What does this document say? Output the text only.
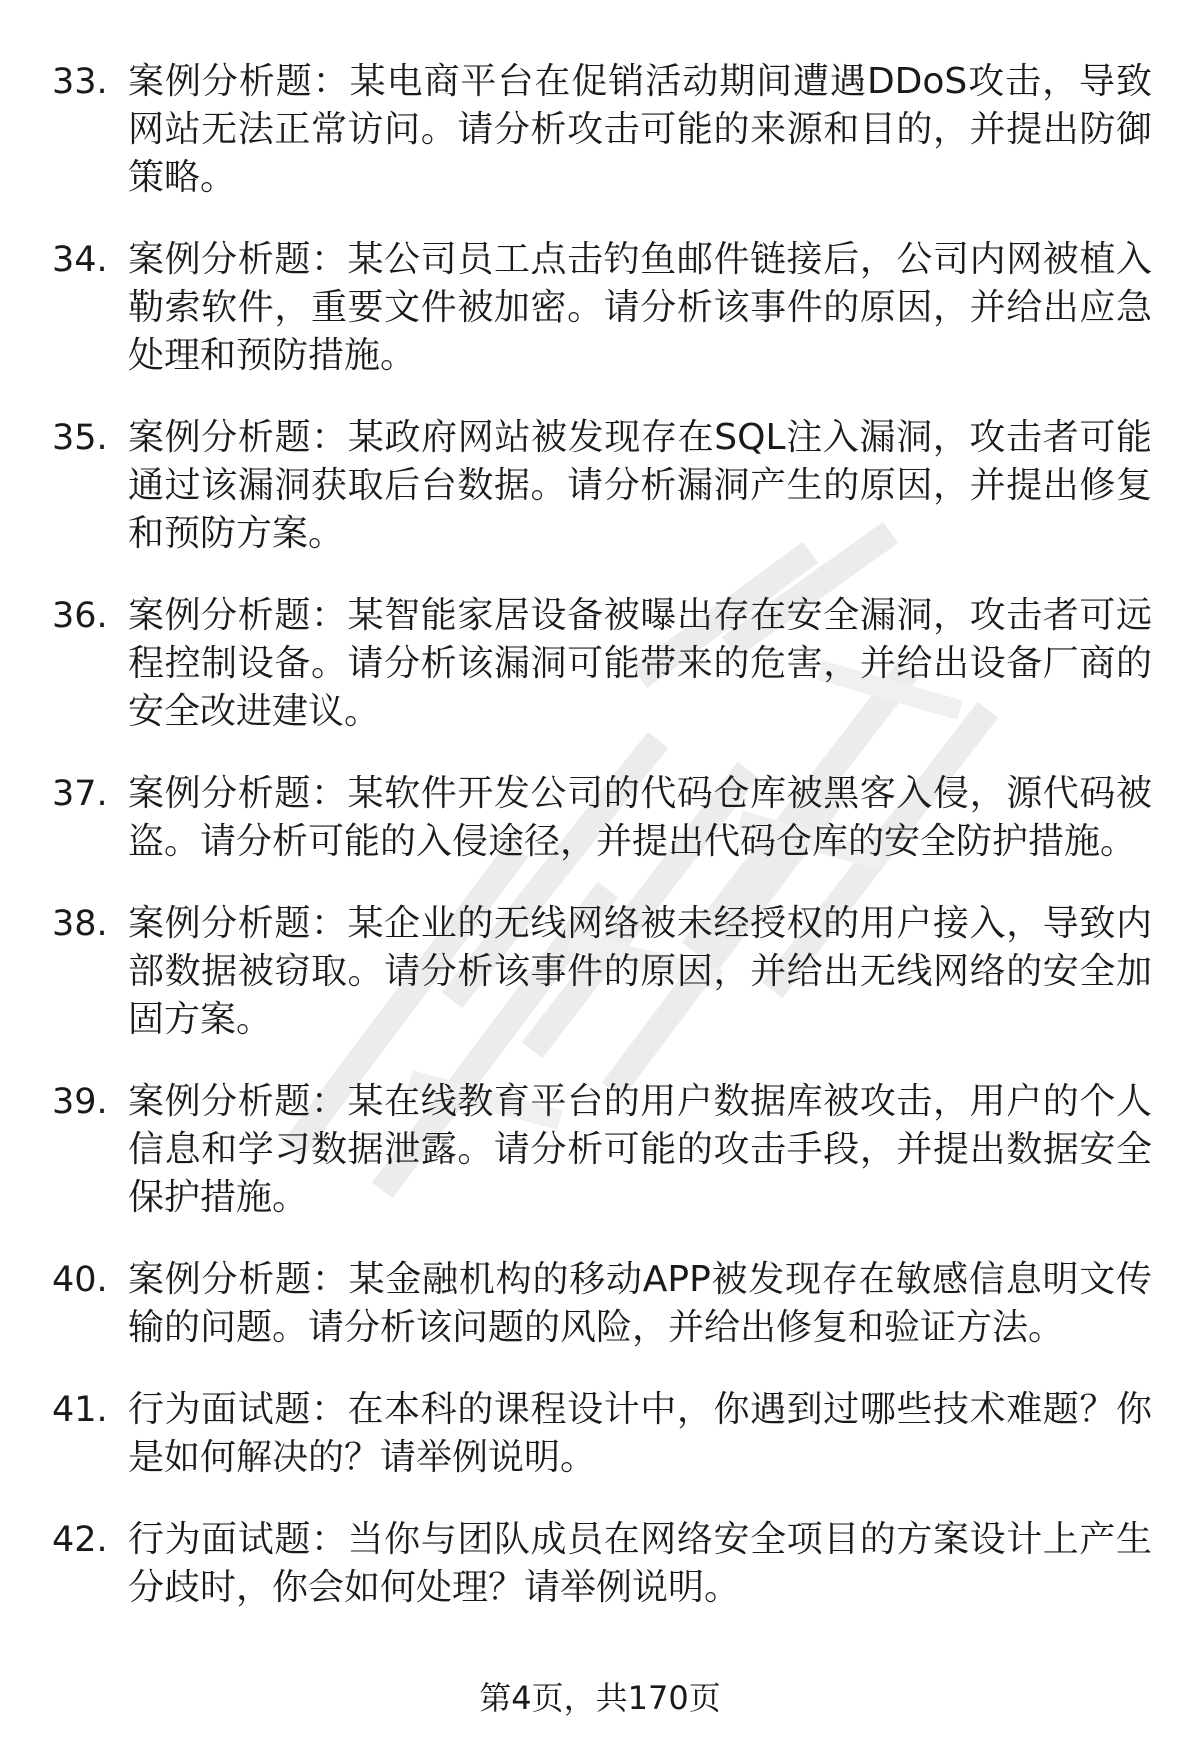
33. 案例分析题：某电商平台在促销活动期间遭遇DDoS攻击，导致网站无法正常访问。请分析攻击可能的来源和目的，并提出防御策略。
34. 案例分析题：某公司员工点击钓鱼邮件链接后，公司内网被植入勒索软件，重要文件被加密。请分析该事件的原因，并给出应急处理和预防措施。
35. 案例分析题：某政府网站被发现存在SQL注入漏洞，攻击者可能通过该漏洞获取后台数据。请分析漏洞产生的原因，并提出修复和预防方案。
36. 案例分析题：某智能家居设备被曝出存在安全漏洞，攻击者可远程控制设备。请分析该漏洞可能带来的危害，并给出设备厂商的安全改进建议。
37. 案例分析题：某软件开发公司的代码仓库被黑客入侵，源代码被盗。请分析可能的入侵途径，并提出代码仓库的安全防护措施。
38. 案例分析题：某企业的无线网络被未经授权的用户接入，导致内部数据被窃取。请分析该事件的原因，并给出无线网络的安全加固方案。
39. 案例分析题：某在线教育平台的用户数据库被攻击，用户的个人信息和学习数据泄露。请分析可能的攻击手段，并提出数据安全保护措施。
40. 案例分析题：某金融机构的移动APP被发现存在敏感信息明文传输的问题。请分析该问题的风险，并给出修复和验证方法。
41. 行为面试题：在本科的课程设计中，你遇到过哪些技术难题？你是如何解决的？请举例说明。
42. 行为面试题：当你与团队成员在网络安全项目的方案设计上产生分歧时，你会如何处理？请举例说明。
第4页，共170页
